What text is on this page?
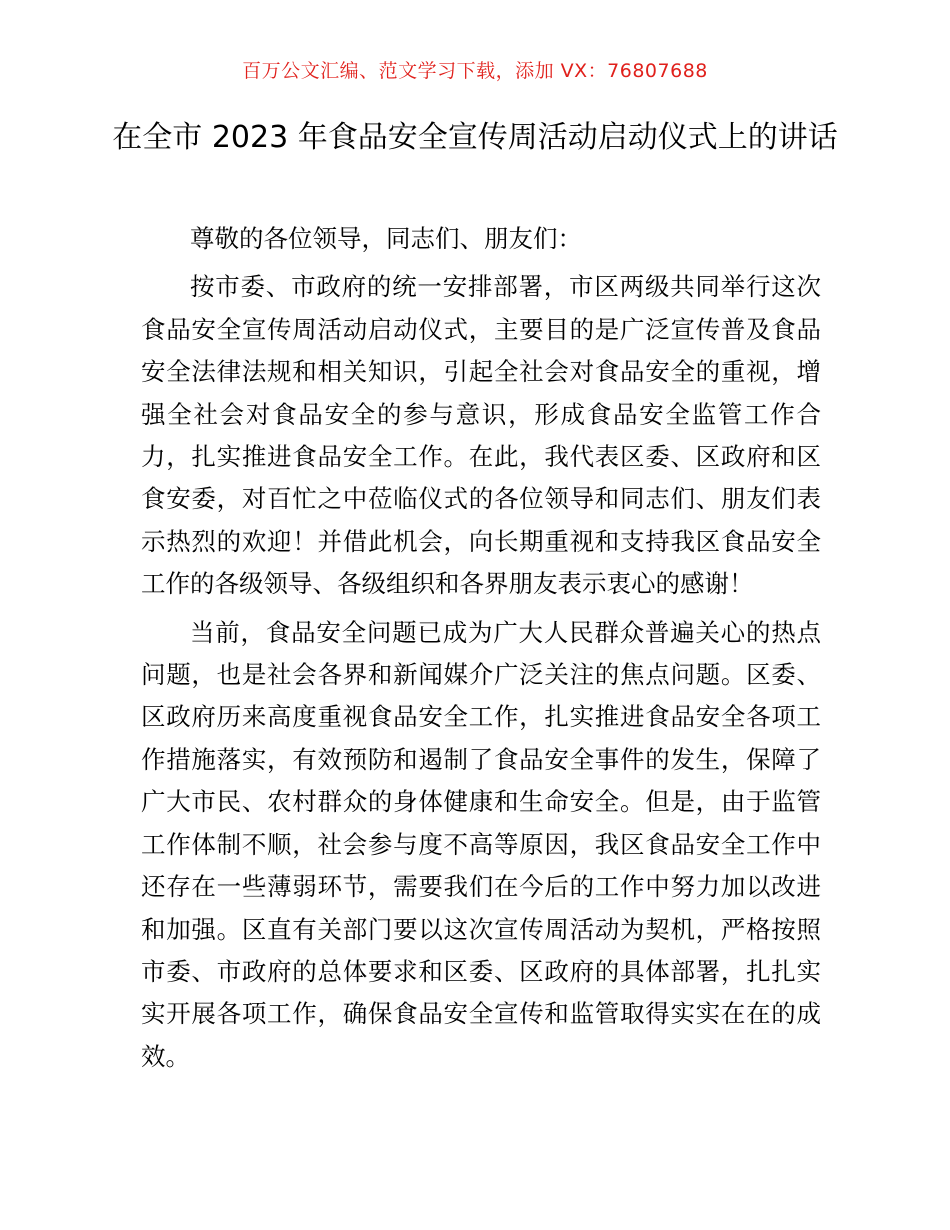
百万公文汇编、范文学习下载，添加 VX：76807688
在全市 2023 年食品安全宣传周活动启动仪式上的讲话

尊敬的各位领导，同志们、朋友们：

按市委、市政府的统一安排部署，市区两级共同举行这次食品安全宣传周活动启动仪式，主要目的是广泛宣传普及食品安全法律法规和相关知识，引起全社会对食品安全的重视，增强全社会对食品安全的参与意识，形成食品安全监管工作合力，扎实推进食品安全工作。在此，我代表区委、区政府和区食安委，对百忙之中莅临仪式的各位领导和同志们、朋友们表示热烈的欢迎！并借此机会，向长期重视和支持我区食品安全工作的各级领导、各级组织和各界朋友表示衷心的感谢！

当前，食品安全问题已成为广大人民群众普遍关心的热点问题，也是社会各界和新闻媒介广泛关注的焦点问题。区委、区政府历来高度重视食品安全工作，扎实推进食品安全各项工作措施落实，有效预防和遏制了食品安全事件的发生，保障了广大市民、农村群众的身体健康和生命安全。但是，由于监管工作体制不顺，社会参与度不高等原因，我区食品安全工作中还存在一些薄弱环节，需要我们在今后的工作中努力加以改进和加强。区直有关部门要以这次宣传周活动为契机，严格按照市委、市政府的总体要求和区委、区政府的具体部署，扎扎实实开展各项工作，确保食品安全宣传和监管取得实实在在的成效。
